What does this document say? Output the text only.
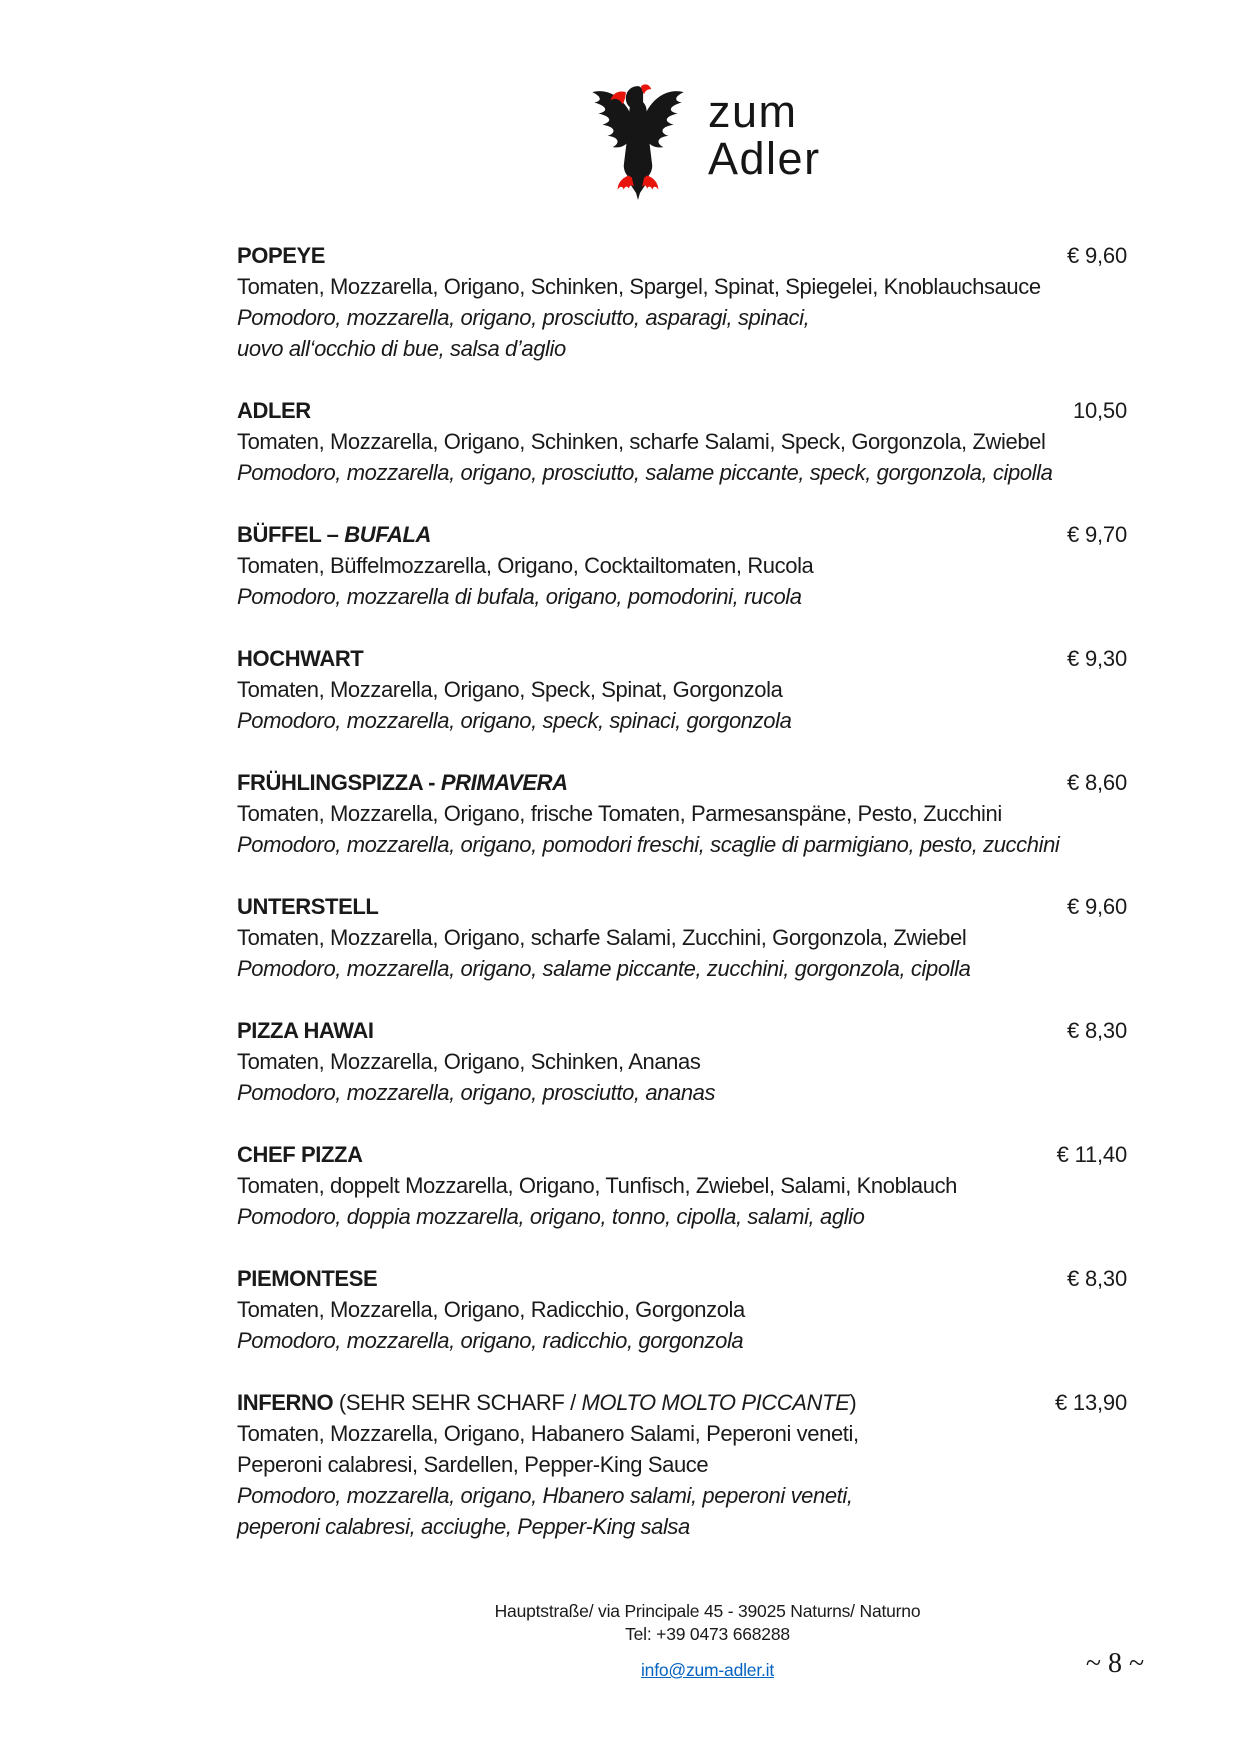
zum
Adler
POPEYE	€ 9,60
Tomaten, Mozzarella, Origano, Schinken, Spargel, Spinat, Spiegelei, Knoblauchsauce
Pomodoro, mozzarella, origano, prosciutto, asparagi, spinaci,
uovo all‘occhio di bue, salsa d’aglio
ADLER	10,50
Tomaten, Mozzarella, Origano, Schinken, scharfe Salami, Speck, Gorgonzola, Zwiebel
Pomodoro, mozzarella, origano, prosciutto, salame piccante, speck, gorgonzola, cipolla
BÜFFEL – BUFALA	€ 9,70
Tomaten, Büffelmozzarella, Origano, Cocktailtomaten, Rucola
Pomodoro, mozzarella di bufala, origano, pomodorini, rucola
HOCHWART	€ 9,30
Tomaten, Mozzarella, Origano, Speck, Spinat, Gorgonzola
Pomodoro, mozzarella, origano, speck, spinaci, gorgonzola
FRÜHLINGSPIZZA - PRIMAVERA	€ 8,60
Tomaten, Mozzarella, Origano, frische Tomaten, Parmesanspäne, Pesto, Zucchini
Pomodoro, mozzarella, origano, pomodori freschi, scaglie di parmigiano, pesto, zucchini
UNTERSTELL	€ 9,60
Tomaten, Mozzarella, Origano, scharfe Salami, Zucchini, Gorgonzola, Zwiebel
Pomodoro, mozzarella, origano, salame piccante, zucchini, gorgonzola, cipolla
PIZZA HAWAI	€ 8,30
Tomaten, Mozzarella, Origano, Schinken, Ananas
Pomodoro, mozzarella, origano, prosciutto, ananas
CHEF PIZZA	€ 11,40
Tomaten, doppelt Mozzarella, Origano, Tunfisch, Zwiebel, Salami, Knoblauch
Pomodoro, doppia mozzarella, origano, tonno, cipolla, salami, aglio
PIEMONTESE	€ 8,30
Tomaten, Mozzarella, Origano, Radicchio, Gorgonzola
Pomodoro, mozzarella, origano, radicchio, gorgonzola
INFERNO (SEHR SEHR SCHARF / MOLTO MOLTO PICCANTE)	€ 13,90
Tomaten, Mozzarella, Origano, Habanero Salami, Peperoni veneti,
Peperoni calabresi, Sardellen, Pepper-King Sauce
Pomodoro, mozzarella, origano, Hbanero salami, peperoni veneti,
peperoni calabresi, acciughe, Pepper-King salsa
Hauptstraße/ via Principale 45 - 39025 Naturns/ Naturno
Tel: +39 0473 668288
info@zum-adler.it	~ 8 ~
